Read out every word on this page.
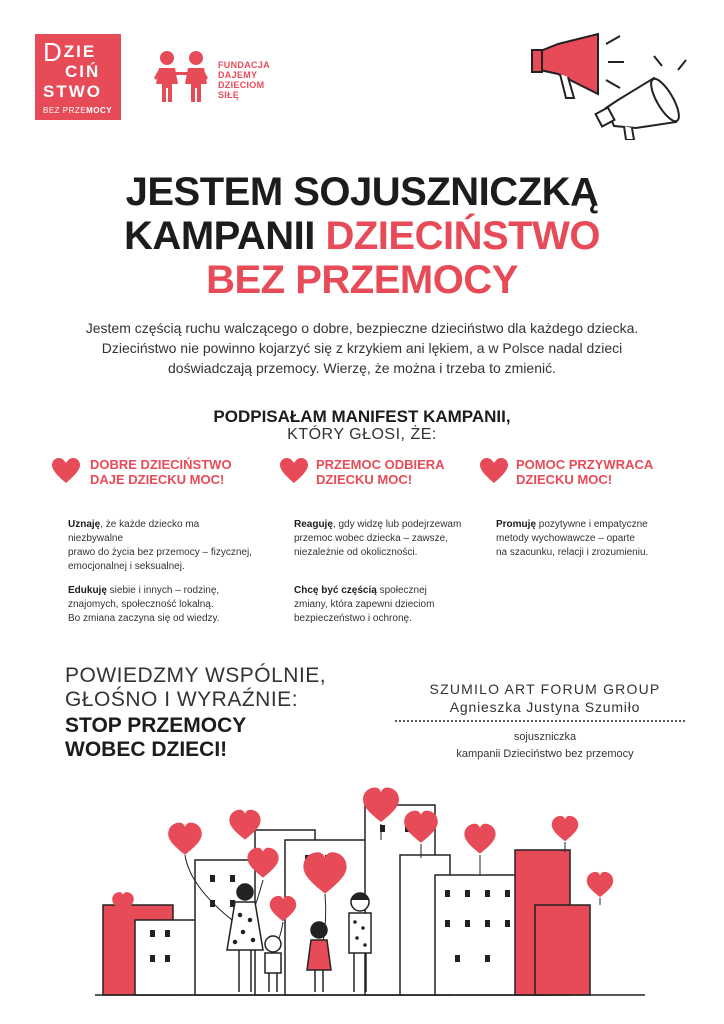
DZIE
CIŃ
STWO
BEZ PRZEMOCY
FUNDACJA
DAJEMY
DZIECIOM
SIŁĘ
JESTEM SOJUSZNICZKĄ
KAMPANII DZIECIŃSTWO
BEZ PRZEMOCY
Jestem częścią ruchu walczącego o dobre, bezpieczne dzieciństwo dla każdego dziecka.
Dzieciństwo nie powinno kojarzyć się z krzykiem ani lękiem, a w Polsce nadal dzieci
doświadczają przemocy. Wierzę, że można i trzeba to zmienić.
PODPISAŁAM MANIFEST KAMPANII,
KTÓRY GŁOSI, ŻE:
DOBRE DZIECIŃSTWO
DAJE DZIECKU MOC!
Uznaję, że każde dziecko ma niezbywalne
prawo do życia bez przemocy – fizycznej,
emocjonalnej i seksualnej.
Edukuję siebie i innych – rodzinę,
znajomych, społeczność lokalną.
Bo zmiana zaczyna się od wiedzy.
PRZEMOC ODBIERA
DZIECKU MOC!
Reaguję, gdy widzę lub podejrzewam
przemoc wobec dziecka – zawsze,
niezależnie od okoliczności.
Chcę być częścią społecznej
zmiany, która zapewni dzieciom
bezpieczeństwo i ochronę.
POMOC PRZYWRACA
DZIECKU MOC!
Promuję pozytywne i empatyczne
metody wychowawcze – oparte
na szacunku, relacji i zrozumieniu.
POWIEDZMY WSPÓLNIE,
GŁOŚNO I WYRAŹNIE:
STOP PRZEMOCY
WOBEC DZIECI!
SZUMILO ART FORUM GROUP
Agnieszka Justyna Szumiło
sojuszniczka
kampanii Dzieciństwo bez przemocy
